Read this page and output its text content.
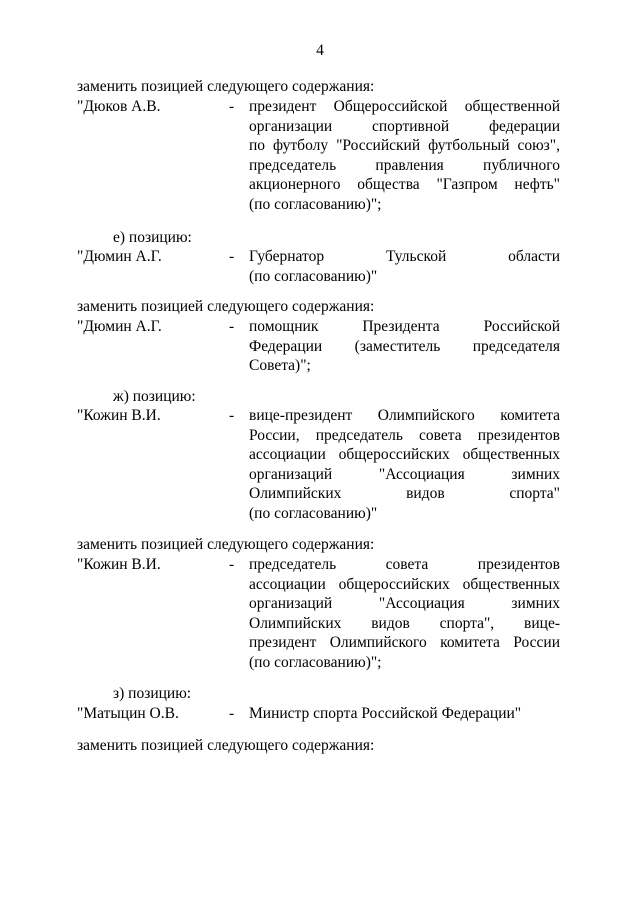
4
заменить позицией следующего содержания:
"Дюков А.В.	- президент Общероссийской общественной
организации спортивной федерации
по футболу "Российский футбольный союз",
председатель правления публичного
акционерного общества "Газпром нефть"
(по согласованию)";
е) позицию:
"Дюмин А.Г.	- Губернатор Тульской области
(по согласованию)"
заменить позицией следующего содержания:
"Дюмин А.Г.	- помощник Президента Российской
Федерации (заместитель председателя
Совета)";
ж) позицию:
"Кожин В.И.	- вице-президент Олимпийского комитета
России, председатель совета президентов
ассоциации общероссийских общественных
организаций "Ассоциация зимних
Олимпийских видов спорта"
(по согласованию)"
заменить позицией следующего содержания:
"Кожин В.И.	- председатель совета президентов
ассоциации общероссийских общественных
организаций "Ассоциация зимних
Олимпийских видов спорта", вице-
президент Олимпийского комитета России
(по согласованию)";
з) позицию:
"Матыцин О.В.	- Министр спорта Российской Федерации"
заменить позицией следующего содержания:
